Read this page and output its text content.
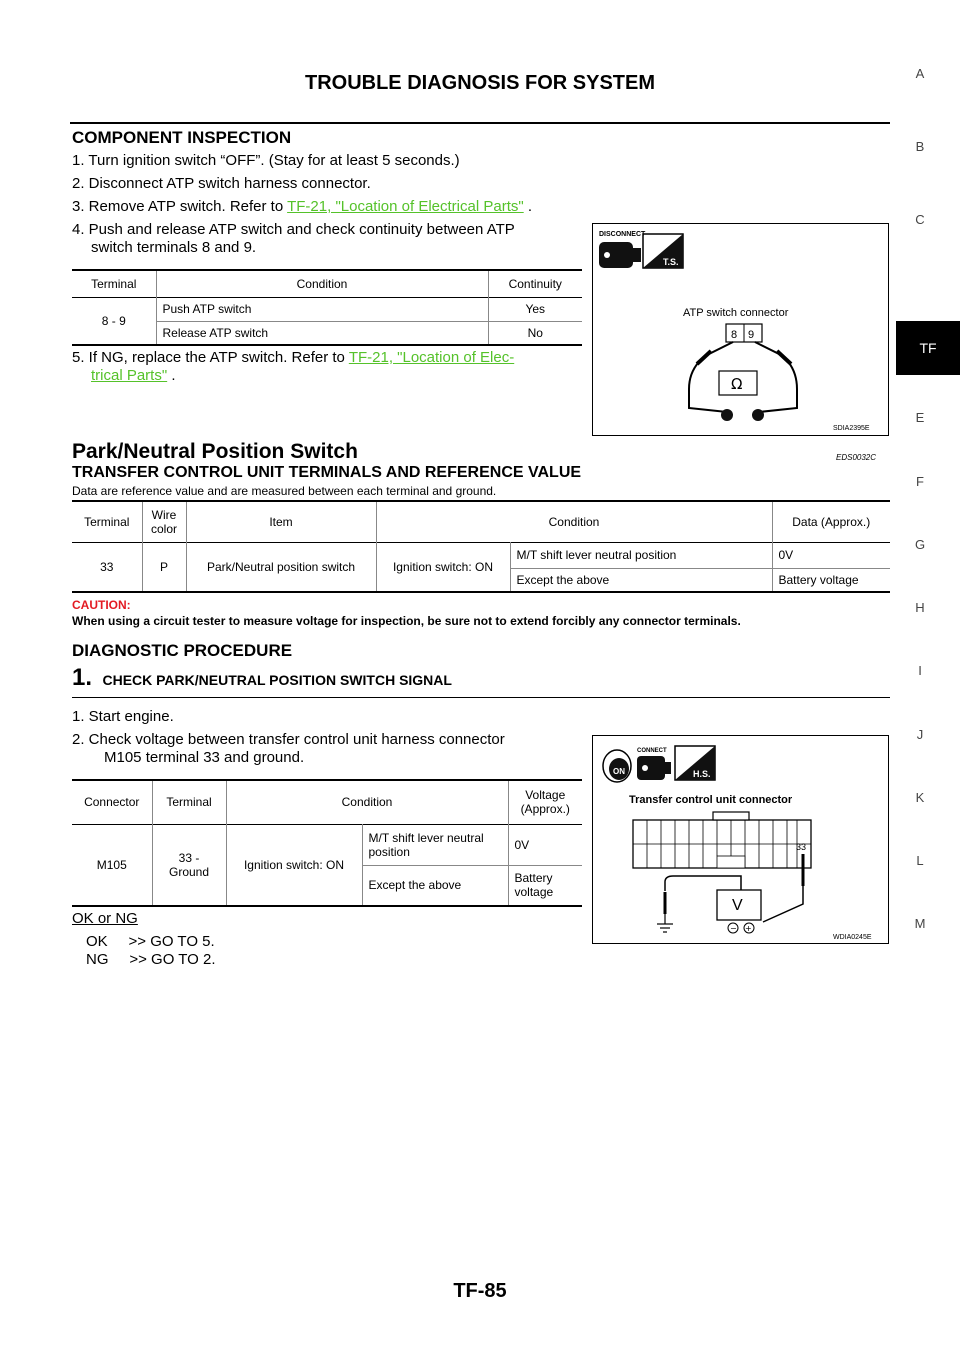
TROUBLE DIAGNOSIS FOR SYSTEM	A
B
C
TF
E
F
G
H
I
J
K
L
M
COMPONENT INSPECTION
1. Turn ignition switch “OFF”. (Stay for at least 5 seconds.)
2. Disconnect ATP switch harness connector.
3. Remove ATP switch. Refer to TF-21, "Location of Electrical Parts" .
4. Push and release ATP switch and check continuity between ATP
switch terminals 8 and 9.
Terminal	Condition	Continuity
8 - 9	Push ATP switch	Yes
	Release ATP switch	No
5. If NG, replace the ATP switch. Refer to TF-21, "Location of Elec-
trical Parts" .
DISCONNECT
T.S.
ATP switch connector
8 9
Ω
SDIA2395E
Park/Neutral Position Switch	EDS0032C
TRANSFER CONTROL UNIT TERMINALS AND REFERENCE VALUE
Data are reference value and are measured between each terminal and ground.
Terminal	Wire color	Item	Condition		Data (Approx.)
33	P	Park/Neutral position switch	Ignition switch: ON	M/T shift lever neutral position	0V
				Except the above	Battery voltage
CAUTION:
When using a circuit tester to measure voltage for inspection, be sure not to extend forcibly any connector terminals.
DIAGNOSTIC PROCEDURE
1. CHECK PARK/NEUTRAL POSITION SWITCH SIGNAL
1. Start engine.
2. Check voltage between transfer control unit harness connector
M105 terminal 33 and ground.
Connector	Terminal	Condition		Voltage (Approx.)
M105	33 - Ground	Ignition switch: ON	M/T shift lever neutral position	0V
			Except the above	Battery voltage
OK or NG
OK     >> GO TO 5.
NG     >> GO TO 2.
ON
CONNECT
H.S.
Transfer control unit connector
33
V
− +
WDIA0245E
TF-85
